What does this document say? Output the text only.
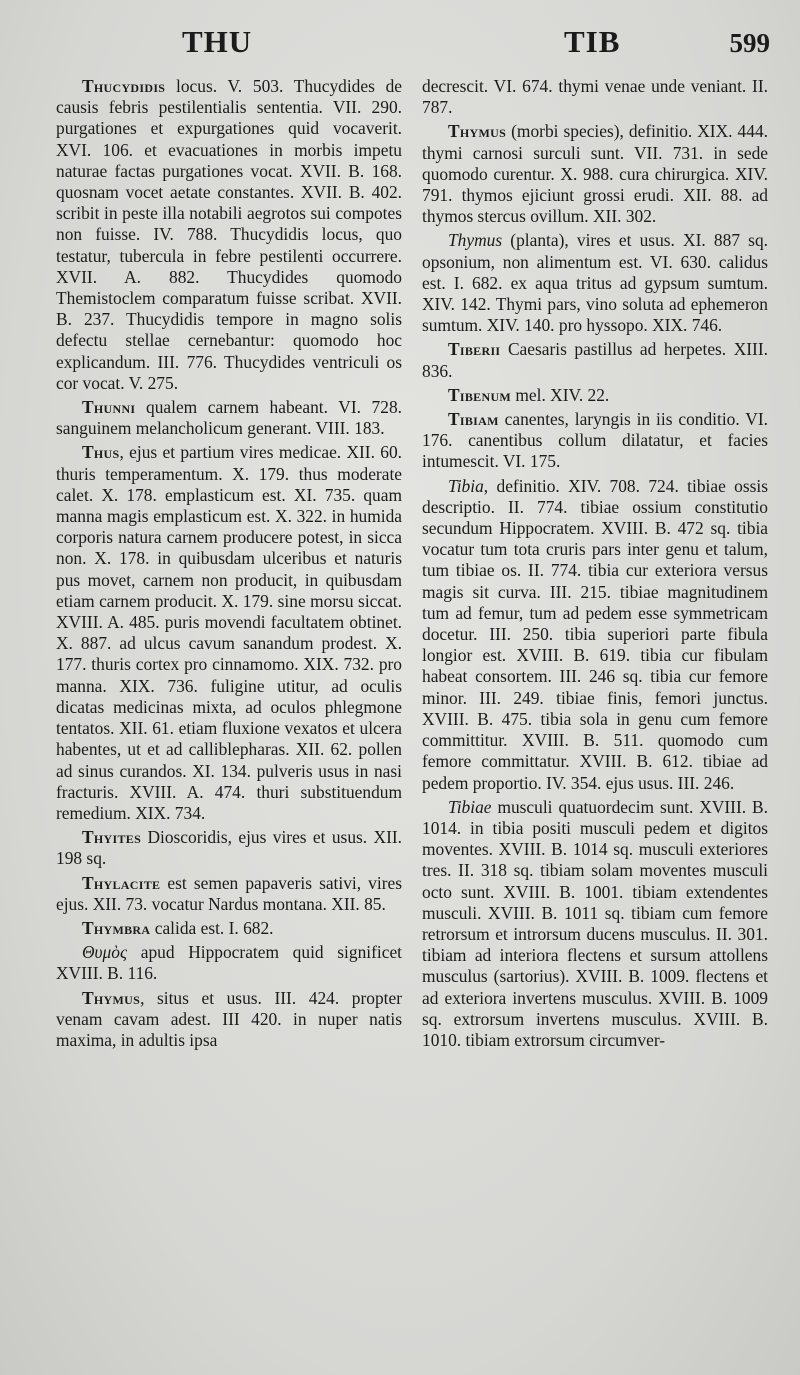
THU	TIB	599

Thucydidis locus. V. 503. Thucydides de causis febris pestilentialis sententia. VII. 290. purgationes et expurgationes quid vocaverit. XVI. 106. et evacuationes in morbis impetu naturae factas purgationes vocat. XVII. B. 168. quosnam vocet aetate constantes. XVII. B. 402. scribit in peste illa notabili aegrotos sui compotes non fuisse. IV. 788. Thucydidis locus, quo testatur, tubercula in febre pestilenti occurrere. XVII. A. 882. Thucydides quomodo Themistoclem comparatum fuisse scribat. XVII. B. 237. Thucydidis tempore in magno solis defectu stellae cernebantur: quomodo hoc explicandum. III. 776. Thucydides ventriculi os cor vocat. V. 275.

Thunni qualem carnem habeant. VI. 728. sanguinem melancholicum generant. VIII. 183.

Thus, ejus et partium vires medicae. XII. 60. thuris temperamentum. X. 179. thus moderate calet. X. 178. emplasticum est. XI. 735. quam manna magis emplasticum est. X. 322. in humida corporis natura carnem producere potest, in sicca non. X. 178. in quibusdam ulceribus et naturis pus movet, carnem non producit, in quibusdam etiam carnem producit. X. 179. sine morsu siccat. XVIII. A. 485. puris movendi facultatem obtinet. X. 887. ad ulcus cavum sanandum prodest. X. 177. thuris cortex pro cinnamomo. XIX. 732. pro manna. XIX. 736. fuligine utitur, ad oculis dicatas medicinas mixta, ad oculos phlegmone tentatos. XII. 61. etiam fluxione vexatos et ulcera habentes, ut et ad calliblepharas. XII. 62. pollen ad sinus curandos. XI. 134. pulveris usus in nasi fracturis. XVIII. A. 474. thuri substituendum remedium. XIX. 734.

Thyites Dioscoridis, ejus vires et usus. XII. 198 sq.

Thylacite est semen papaveris sativi, vires ejus. XII. 73. vocatur Nardus montana. XII. 85.

Thymbra calida est. I. 682.

Θυμὸς apud Hippocratem quid significet XVIII. B. 116.

Thymus, situs et usus. III. 424. propter venam cavam adest. III 420. in nuper natis maxima, in adultis ipsa

decrescit. VI. 674. thymi venae unde veniant. II. 787.

Thymus (morbi species), definitio. XIX. 444. thymi carnosi surculi sunt. VII. 731. in sede quomodo curentur. X. 988. cura chirurgica. XIV. 791. thymos ejiciunt grossi erudi. XII. 88. ad thymos stercus ovillum. XII. 302.

Thymus (planta), vires et usus. XI. 887 sq. opsonium, non alimentum est. VI. 630. calidus est. I. 682. ex aqua tritus ad gypsum sumtum. XIV. 142. Thymi pars, vino soluta ad ephemeron sumtum. XIV. 140. pro hyssopo. XIX. 746.

Tiberii Caesaris pastillus ad herpetes. XIII. 836.

Tibenum mel. XIV. 22.

Tibiam canentes, laryngis in iis conditio. VI. 176. canentibus collum dilatatur, et facies intumescit. VI. 175.

Tibia, definitio. XIV. 708. 724. tibiae ossis descriptio. II. 774. tibiae ossium constitutio secundum Hippocratem. XVIII. B. 472 sq. tibia vocatur tum tota cruris pars inter genu et talum, tum tibiae os. II. 774. tibia cur exteriora versus magis sit curva. III. 215. tibiae magnitudinem tum ad femur, tum ad pedem esse symmetricam docetur. III. 250. tibia superiori parte fibula longior est. XVIII. B. 619. tibia cur fibulam habeat consortem. III. 246 sq. tibia cur femore minor. III. 249. tibiae finis, femori junctus. XVIII. B. 475. tibia sola in genu cum femore committitur. XVIII. B. 511. quomodo cum femore committatur. XVIII. B. 612. tibiae ad pedem proportio. IV. 354. ejus usus. III. 246.

Tibiae musculi quatuordecim sunt. XVIII. B. 1014. in tibia positi musculi pedem et digitos moventes. XVIII. B. 1014 sq. musculi exteriores tres. II. 318 sq. tibiam solam moventes musculi octo sunt. XVIII. B. 1001. tibiam extendentes musculi. XVIII. B. 1011 sq. tibiam cum femore retrorsum et introrsum ducens musculus. II. 301. tibiam ad interiora flectens et sursum attollens musculus (sartorius). XVIII. B. 1009. flectens et ad exteriora invertens musculus. XVIII. B. 1009 sq. extrorsum invertens musculus. XVIII. B. 1010. tibiam extrorsum circumver-
